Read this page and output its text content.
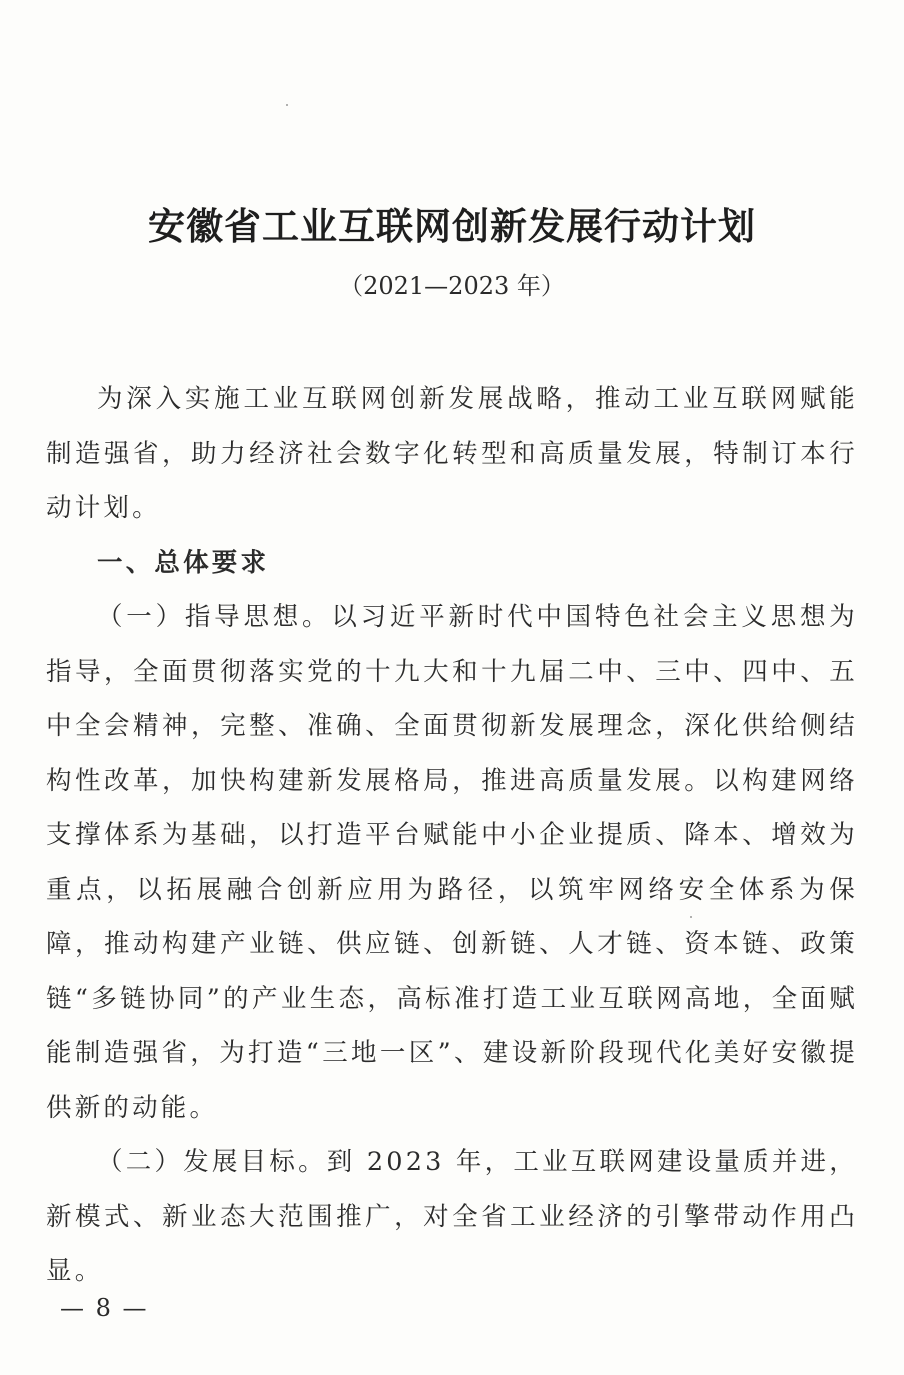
安徽省工业互联网创新发展行动计划
（2021—2023 年）

为深入实施工业互联网创新发展战略，推动工业互联网赋能制造强省，助力经济社会数字化转型和高质量发展，特制订本行动计划。

一、总体要求

（一）指导思想。以习近平新时代中国特色社会主义思想为指导，全面贯彻落实党的十九大和十九届二中、三中、四中、五中全会精神，完整、准确、全面贯彻新发展理念，深化供给侧结构性改革，加快构建新发展格局，推进高质量发展。以构建网络支撑体系为基础，以打造平台赋能中小企业提质、降本、增效为重点，以拓展融合创新应用为路径，以筑牢网络安全体系为保障，推动构建产业链、供应链、创新链、人才链、资本链、政策链“多链协同”的产业生态，高标准打造工业互联网高地，全面赋能制造强省，为打造“三地一区”、建设新阶段现代化美好安徽提供新的动能。

（二）发展目标。到 2023 年，工业互联网建设量质并进，新模式、新业态大范围推广，对全省工业经济的引擎带动作用凸显。

— 8 —
